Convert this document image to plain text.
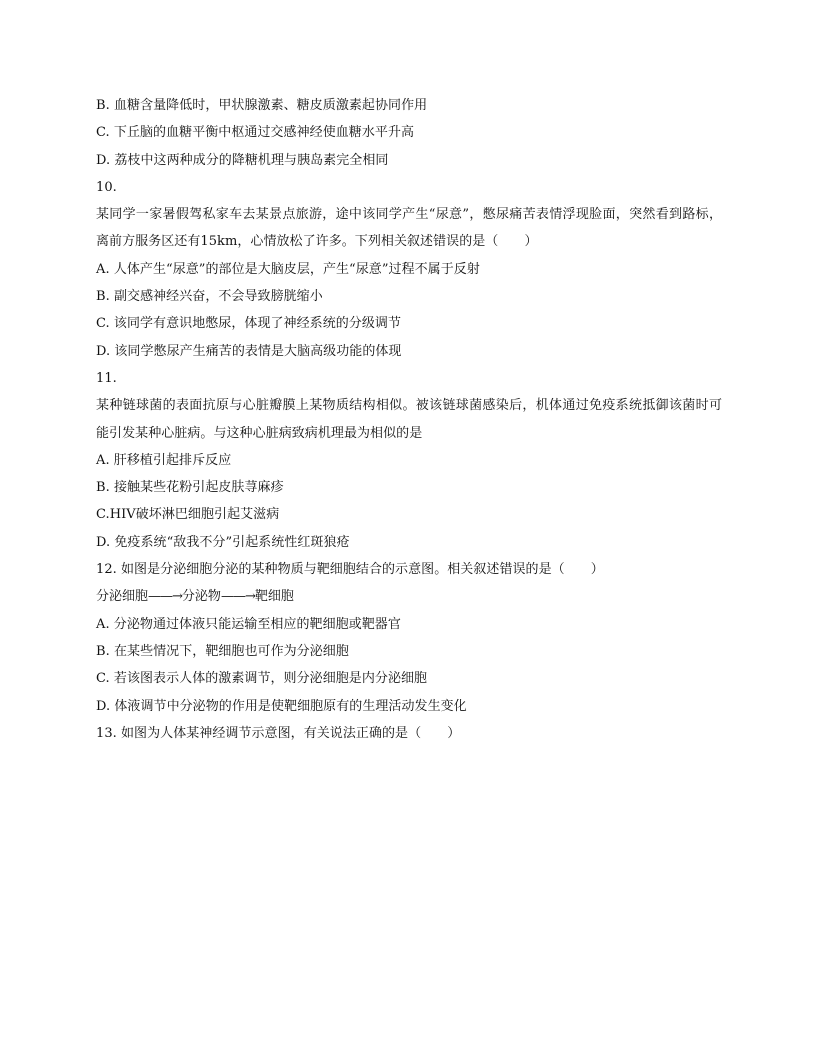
B. 血糖含量降低时，甲状腺激素、糖皮质激素起协同作用
C. 下丘脑的血糖平衡中枢通过交感神经使血糖水平升高
D. 荔枝中这两种成分的降糖机理与胰岛素完全相同
10.
某同学一家暑假驾私家车去某景点旅游，途中该同学产生“尿意”，憋尿痛苦表情浮现脸面，突然看到路标，离前方服务区还有15km，心情放松了许多。下列相关叙述错误的是（　　）
A. 人体产生“尿意”的部位是大脑皮层，产生“尿意”过程不属于反射
B. 副交感神经兴奋，不会导致膀胱缩小
C. 该同学有意识地憋尿，体现了神经系统的分级调节
D. 该同学憋尿产生痛苦的表情是大脑高级功能的体现
11.
某种链球菌的表面抗原与心脏瓣膜上某物质结构相似。被该链球菌感染后，机体通过免疫系统抵御该菌时可能引发某种心脏病。与这种心脏病致病机理最为相似的是
A. 肝移植引起排斥反应
B. 接触某些花粉引起皮肤荨麻疹
C.HIV破坏淋巴细胞引起艾滋病
D. 免疫系统“敌我不分”引起系统性红斑狼疮
12. 如图是分泌细胞分泌的某种物质与靶细胞结合的示意图。相关叙述错误的是（　　）
分泌细胞——→分泌物——→靶细胞
A. 分泌物通过体液只能运输至相应的靶细胞或靶器官
B. 在某些情况下，靶细胞也可作为分泌细胞
C. 若该图表示人体的激素调节，则分泌细胞是内分泌细胞
D. 体液调节中分泌物的作用是使靶细胞原有的生理活动发生变化
13. 如图为人体某神经调节示意图，有关说法正确的是（　　）
